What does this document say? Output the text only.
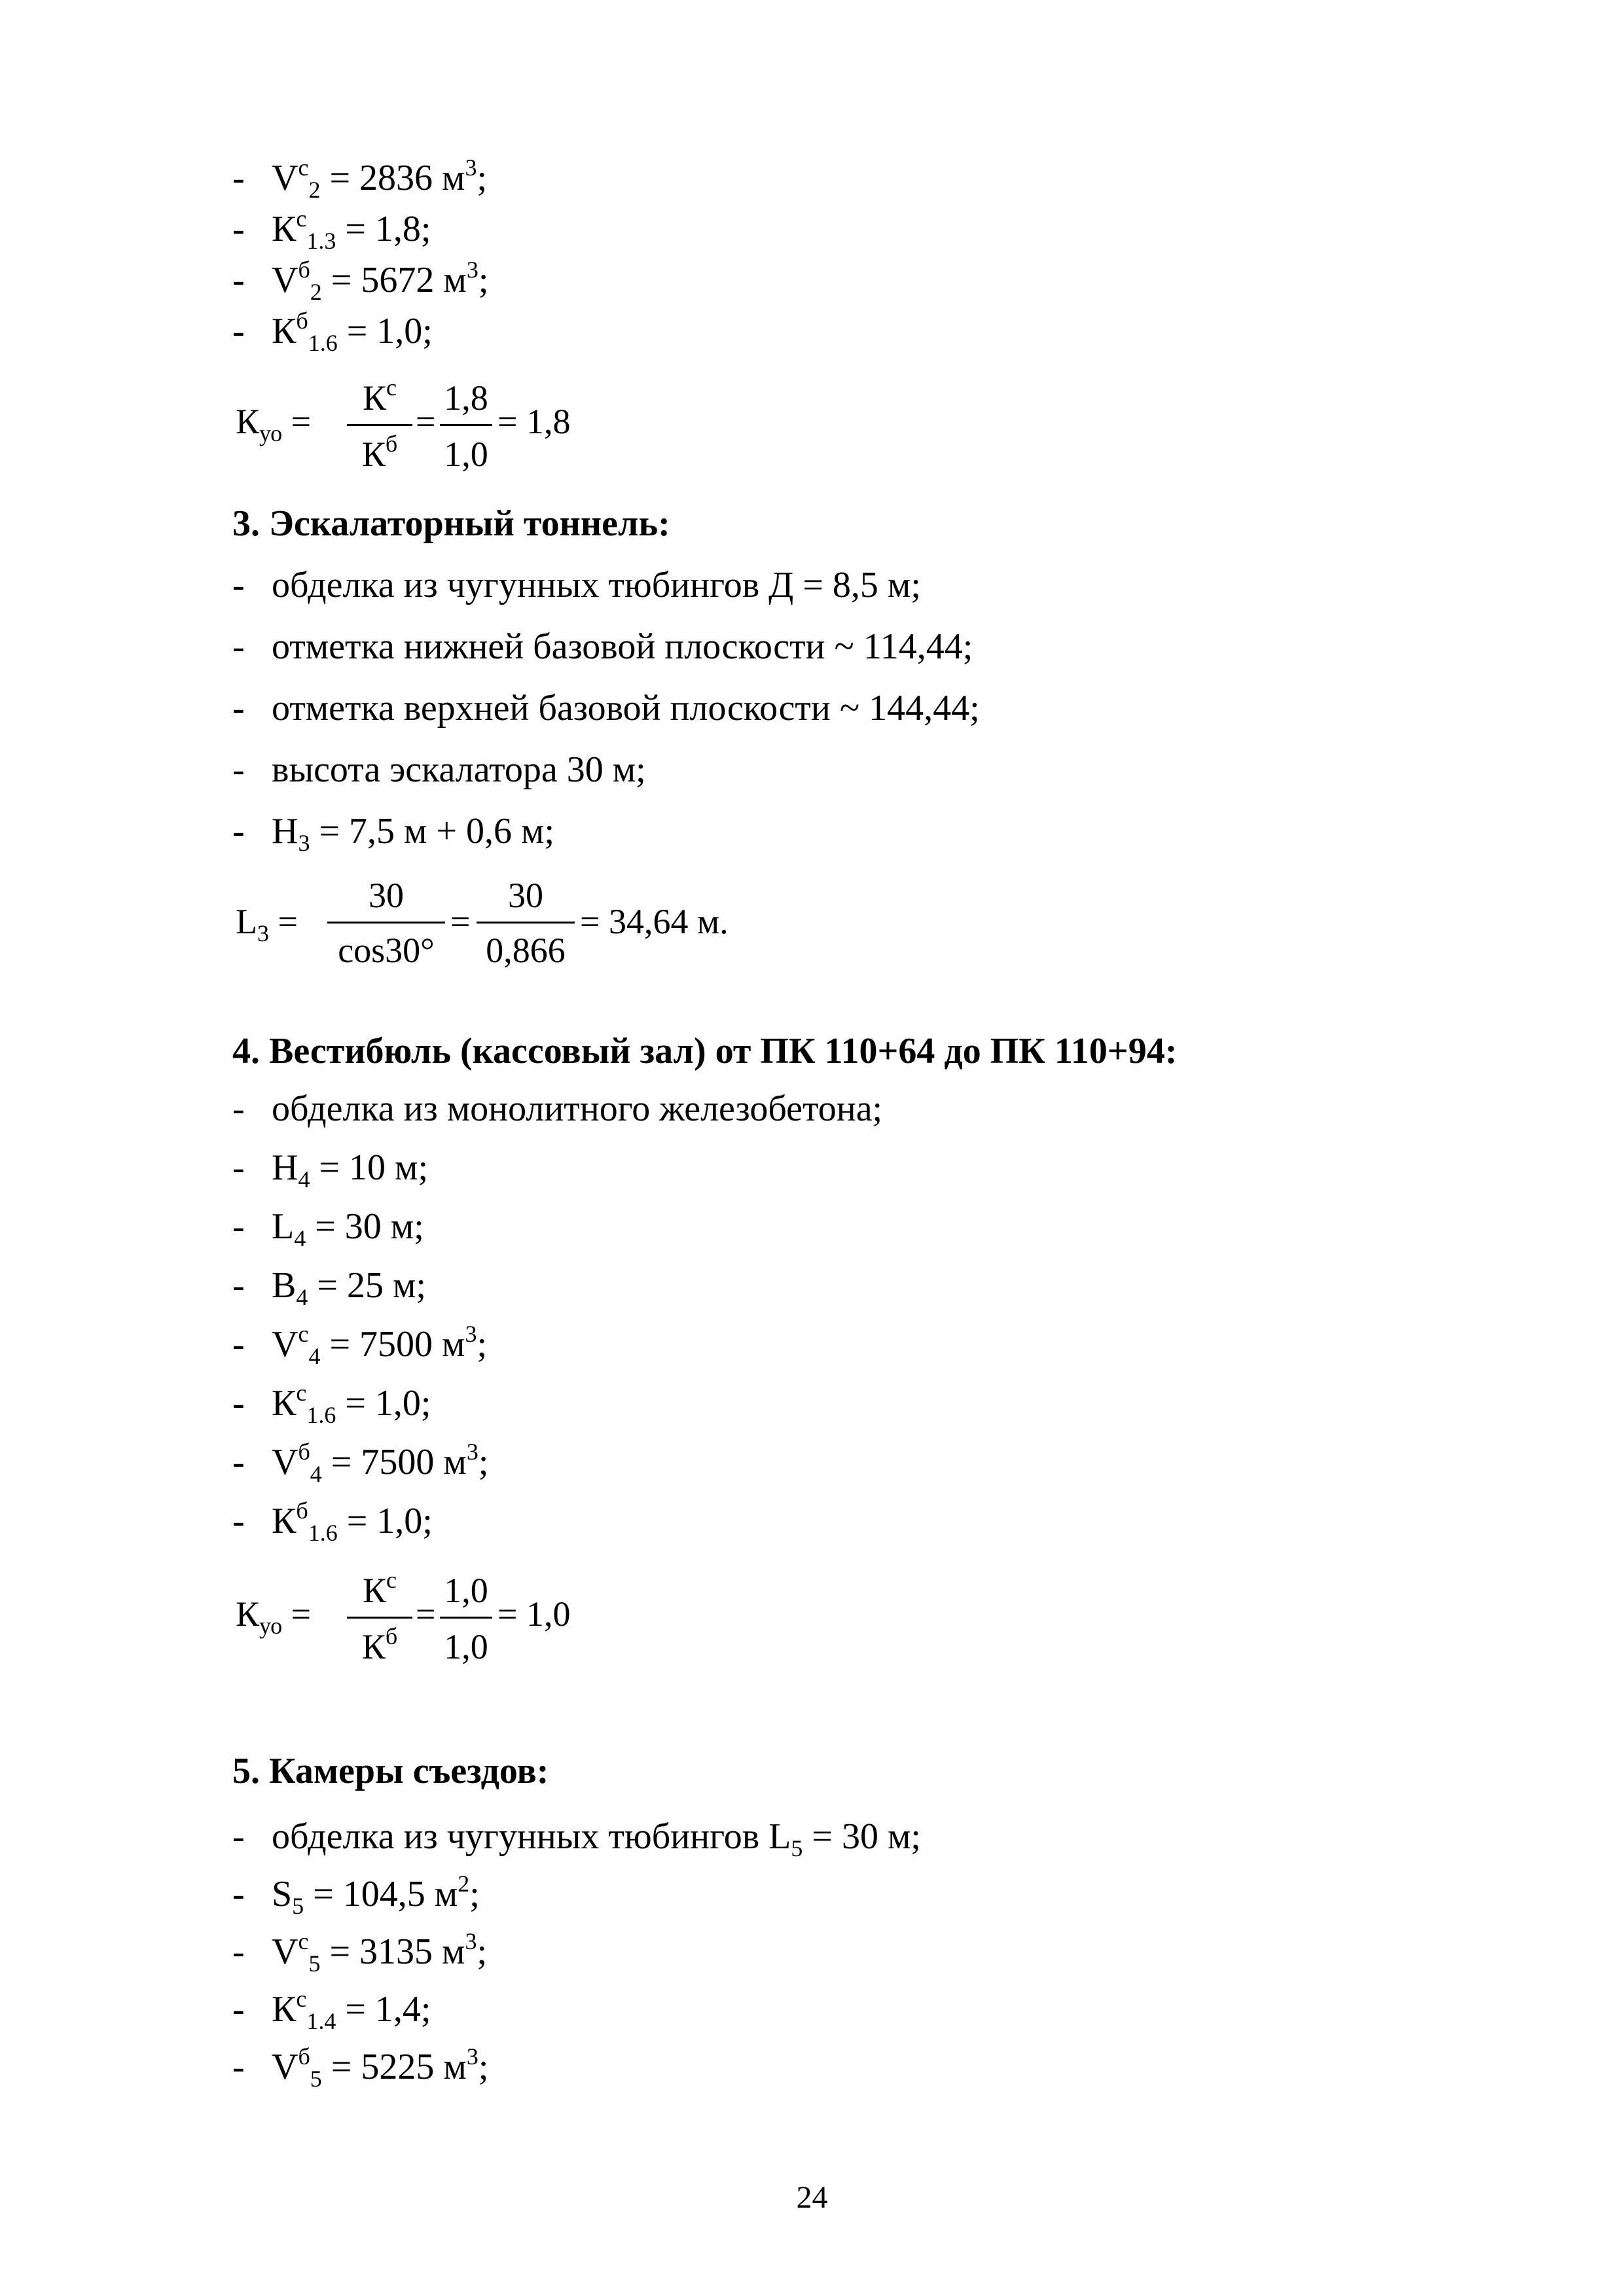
- $V^с_2 = 2836$ $м^3$;
- $К^с_{1.3} = 1,8$;
- $V^б_2 = 5672$ $м^3$;
- $К^б_{1.6} = 1,0$;
$К_{уо}$ =
$К^с$
$К^б$
=
1,8
1,0
= 1,8
3. Эскалаторный тоннель:
- обделка из чугунных тюбингов Д = 8,5 м;
- отметка нижней базовой плоскости ~ 114,44;
- отметка верхней базовой плоскости ~ 144,44;
- высота эскалатора 30 м;
- $Н_3 = 7,5$ м + 0,6 м;
$L_3$ =
30
cos30°
=
30
0,866
= 34,64 м.
4. Вестибюль (кассовый зал) от ПК 110+64 до ПК 110+94:
- обделка из монолитного железобетона;
- $Н_4 = 10$ м;
- $L_4 = 30$ м;
- $В_4 = 25$ м;
- $V^с_4 = 7500$ $м^3$;
- $К^с_{1.6} = 1,0$;
- $V^б_4 = 7500$ $м^3$;
- $К^б_{1.6} = 1,0$;
$К_{уо}$ =
$К^с$
$К^б$
=
1,0
1,0
= 1,0
5. Камеры съездов:
- обделка из чугунных тюбингов $L_5 = 30$ м;
- $S_5 = 104,5$ $м^2$;
- $V^с_5 = 3135$ $м^3$;
- $К^с_{1.4} = 1,4$;
- $V^б_5 = 5225$ $м^3$;
24
